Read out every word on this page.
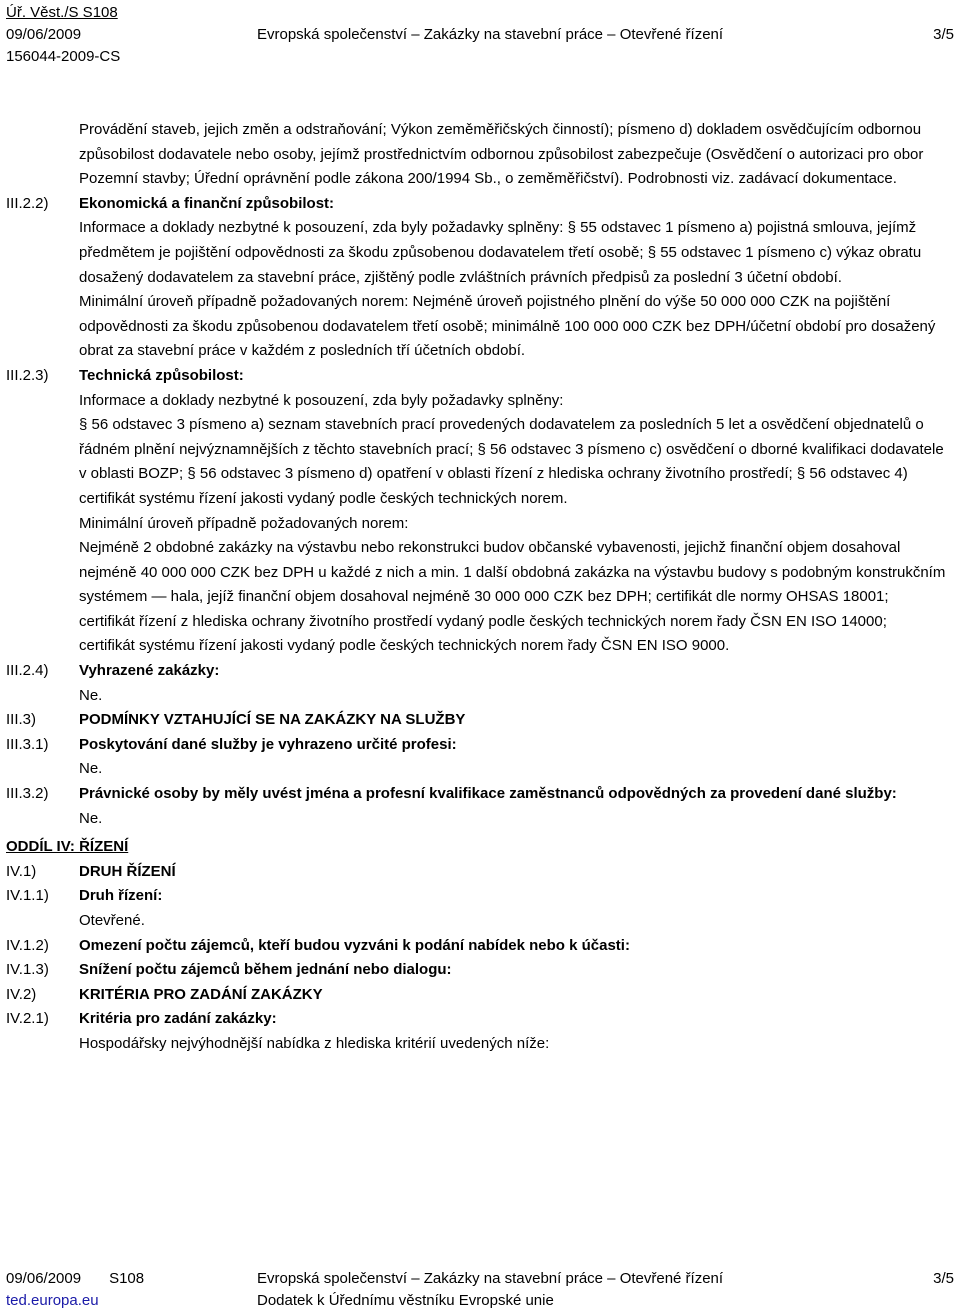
Úř. Věst./S S108
09/06/2009	Evropská společenství – Zakázky na stavební práce – Otevřené řízení	3/5
156044-2009-CS
Provádění staveb, jejich změn a odstraňování; Výkon zeměměřičských činností); písmeno d) dokladem osvědčujícím odbornou způsobilost dodavatele nebo osoby, jejímž prostřednictvím odbornou způsobilost zabezpečuje (Osvědčení o autorizaci pro obor Pozemní stavby; Úřední oprávnění podle zákona 200/1994 Sb., o zeměměřičství). Podrobnosti viz. zadávací dokumentace.
III.2.2)	Ekonomická a finanční způsobilost:
Informace a doklady nezbytné k posouzení, zda byly požadavky splněny: § 55 odstavec 1 písmeno a) pojistná smlouva, jejímž předmětem je pojištění odpovědnosti za škodu způsobenou dodavatelem třetí osobě; § 55 odstavec 1 písmeno c) výkaz obratu dosažený dodavatelem za stavební práce, zjištěný podle zvláštních právních předpisů za poslední 3 účetní období.
Minimální úroveň případně požadovaných norem: Nejméně úroveň pojistného plnění do výše 50 000 000 CZK na pojištění odpovědnosti za škodu způsobenou dodavatelem třetí osobě; minimálně 100 000 000 CZK bez DPH/účetní období pro dosažený obrat za stavební práce v každém z posledních tří účetních období.
III.2.3)	Technická způsobilost:
Informace a doklady nezbytné k posouzení, zda byly požadavky splněny:
§ 56 odstavec 3 písmeno a) seznam stavebních prací provedených dodavatelem za posledních 5 let a osvědčení objednatelů o řádném plnění nejvýznamnějších z těchto stavebních prací; § 56 odstavec 3 písmeno c) osvědčení o dborné kvalifikaci dodavatele v oblasti BOZP; § 56 odstavec 3 písmeno d) opatření v oblasti řízení z hlediska ochrany životního prostředí; § 56 odstavec 4) certifikát systému řízení jakosti vydaný podle českých technických norem.
Minimální úroveň případně požadovaných norem:
Nejméně 2 obdobné zakázky na výstavbu nebo rekonstrukci budov občanské vybavenosti, jejichž finanční objem dosahoval nejméně 40 000 000 CZK bez DPH u každé z nich a min. 1 další obdobná zakázka na výstavbu budovy s podobným konstrukčním systémem — hala, jejíž finanční objem dosahoval nejméně 30 000 000 CZK bez DPH; certifikát dle normy OHSAS 18001; certifikát řízení z hlediska ochrany životního prostředí vydaný podle českých technických norem řady ČSN EN ISO 14000; certifikát systému řízení jakosti vydaný podle českých technických norem řady ČSN EN ISO 9000.
III.2.4)	Vyhrazené zakázky:
Ne.
III.3)	PODMÍNKY VZTAHUJÍCÍ SE NA ZAKÁZKY NA SLUŽBY
III.3.1)	Poskytování dané služby je vyhrazeno určité profesi:
Ne.
III.3.2)	Právnické osoby by měly uvést jména a profesní kvalifikace zaměstnanců odpovědných za provedení dané služby:
Ne.
ODDÍL IV: ŘÍZENÍ
IV.1)	DRUH ŘÍZENÍ
IV.1.1)	Druh řízení:
Otevřené.
IV.1.2)	Omezení počtu zájemců, kteří budou vyzváni k podání nabídek nebo k účasti:
IV.1.3)	Snížení počtu zájemců během jednání nebo dialogu:
IV.2)	KRITÉRIA PRO ZADÁNÍ ZAKÁZKY
IV.2.1)	Kritéria pro zadání zakázky:
Hospodářsky nejvýhodnější nabídka z hlediska kritérií uvedených níže:
09/06/2009 S108	Evropská společenství – Zakázky na stavební práce – Otevřené řízení	3/5
ted.europa.eu	Dodatek k Úřednímu věstníku Evropské unie
